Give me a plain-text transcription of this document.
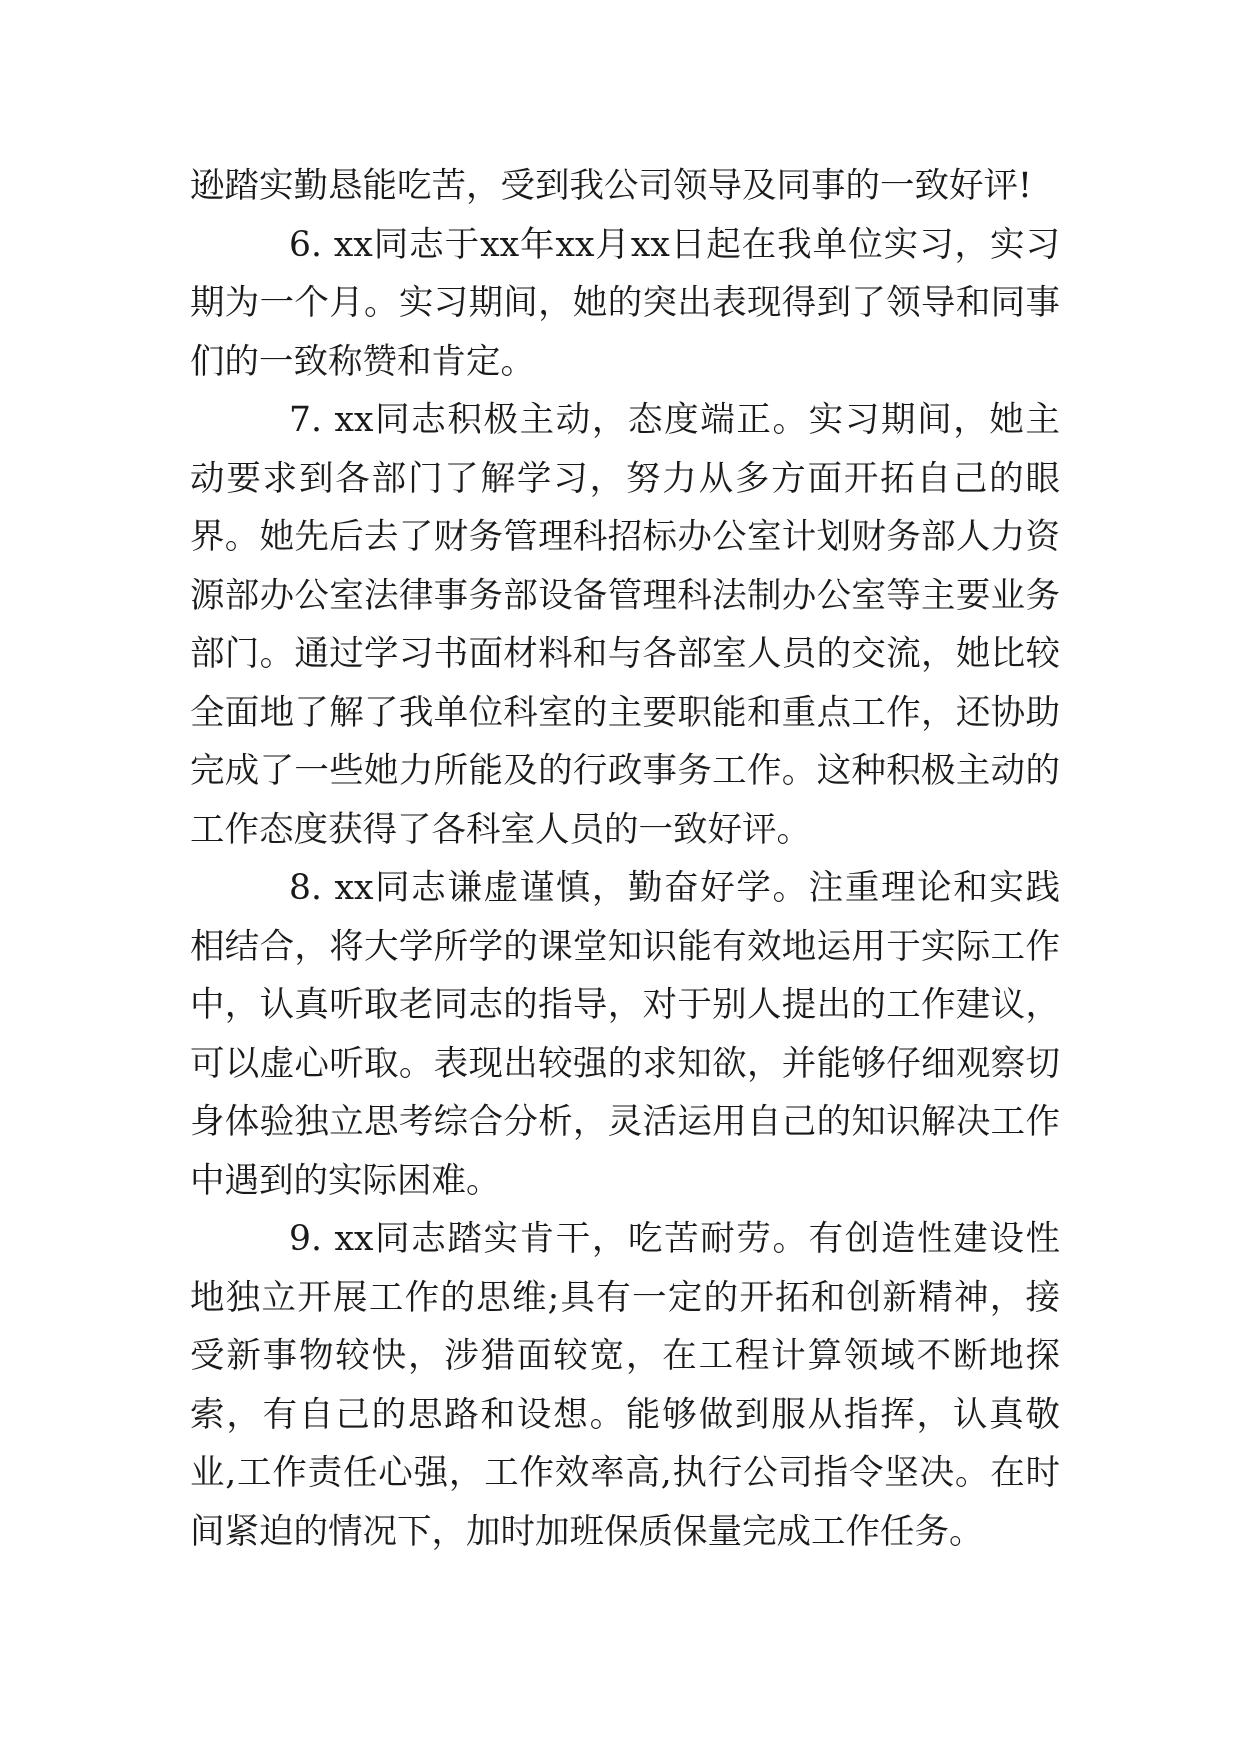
逊踏实勤恳能吃苦，受到我公司领导及同事的一致好评!

6. xx同志于xx年xx月xx日起在我单位实习，实习期为一个月。实习期间，她的突出表现得到了领导和同事们的一致称赞和肯定。

7. xx同志积极主动，态度端正。实习期间，她主动要求到各部门了解学习，努力从多方面开拓自己的眼界。她先后去了财务管理科招标办公室计划财务部人力资源部办公室法律事务部设备管理科法制办公室等主要业务部门。通过学习书面材料和与各部室人员的交流，她比较全面地了解了我单位科室的主要职能和重点工作，还协助完成了一些她力所能及的行政事务工作。这种积极主动的工作态度获得了各科室人员的一致好评。

8. xx同志谦虚谨慎，勤奋好学。注重理论和实践相结合，将大学所学的课堂知识能有效地运用于实际工作中，认真听取老同志的指导，对于别人提出的工作建议，可以虚心听取。表现出较强的求知欲，并能够仔细观察切身体验独立思考综合分析，灵活运用自己的知识解决工作中遇到的实际困难。

9. xx同志踏实肯干，吃苦耐劳。有创造性建设性地独立开展工作的思维;具有一定的开拓和创新精神，接受新事物较快，涉猎面较宽，在工程计算领域不断地探索，有自己的思路和设想。能够做到服从指挥，认真敬业,工作责任心强，工作效率高,执行公司指令坚决。在时间紧迫的情况下，加时加班保质保量完成工作任务。
